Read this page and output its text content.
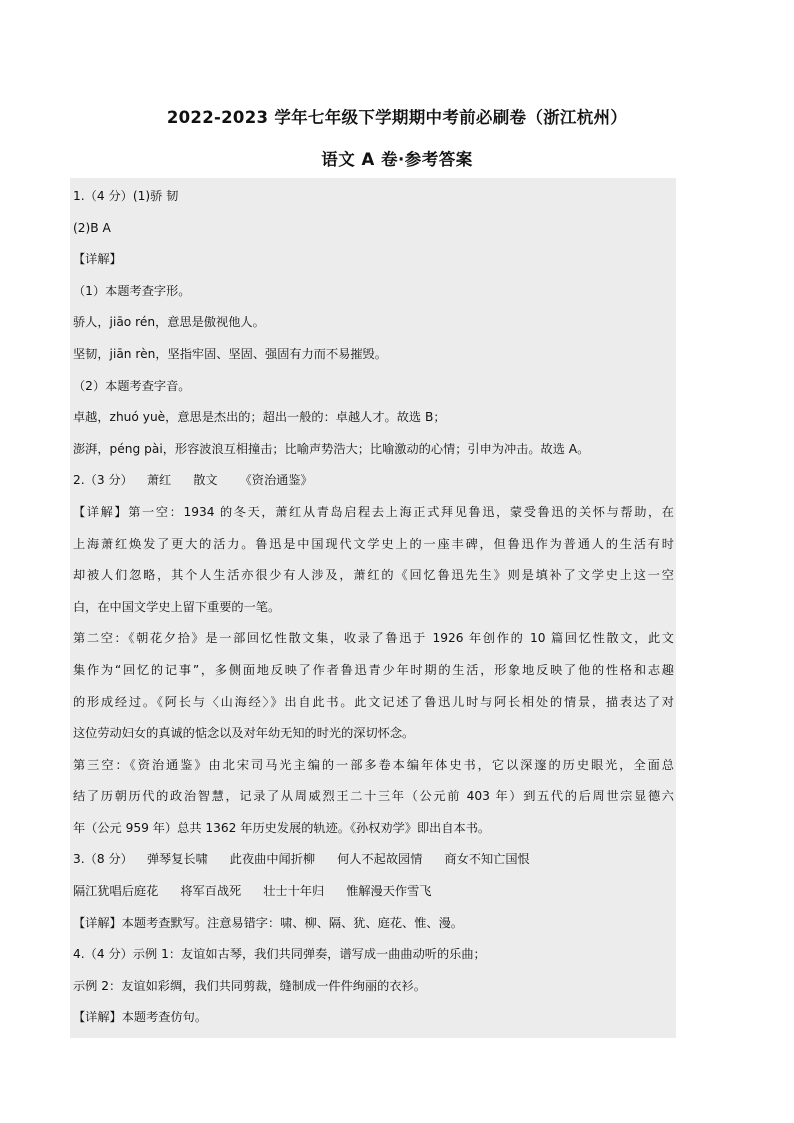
2022-2023 学年七年级下学期期中考前必刷卷（浙江杭州）
语文 A 卷·参考答案
1.（4 分）(1)骄 韧
(2)B A
【详解】
（1）本题考查字形。
骄人，jiāo rén，意思是傲视他人。
坚韧，jiān rèn，坚指牢固、坚固、强固有力而不易摧毁。
（2）本题考查字音。
卓越，zhuó yuè，意思是杰出的；超出一般的：卓越人才。故选 B；
澎湃，péng pài，形容波浪互相撞击；比喻声势浩大；比喻激动的心情；引申为冲击。故选 A。
2.（3 分） 萧红 散文 《资治通鉴》
【详解】第一空：1934 的冬天，萧红从青岛启程去上海正式拜见鲁迅，蒙受鲁迅的关怀与帮助，在
上海萧红焕发了更大的活力。鲁迅是中国现代文学史上的一座丰碑，但鲁迅作为普通人的生活有时
却被人们忽略，其个人生活亦很少有人涉及，萧红的《回忆鲁迅先生》则是填补了文学史上这一空
白，在中国文学史上留下重要的一笔。
第二空：《朝花夕拾》是一部回忆性散文集，收录了鲁迅于 1926 年创作的 10 篇回忆性散文，此文
集作为“回忆的记事”，多侧面地反映了作者鲁迅青少年时期的生活，形象地反映了他的性格和志趣
的形成经过。《阿长与〈山海经〉》出自此书。此文记述了鲁迅儿时与阿长相处的情景，描表达了对
这位劳动妇女的真诚的惦念以及对年幼无知的时光的深切怀念。
第三空：《资治通鉴》由北宋司马光主编的一部多卷本编年体史书，它以深邃的历史眼光，全面总
结了历朝历代的政治智慧，记录了从周威烈王二十三年（公元前 403 年）到五代的后周世宗显德六
年（公元 959 年）总共 1362 年历史发展的轨迹。《孙权劝学》即出自本书。
3.（8 分） 弹琴复长啸 此夜曲中闻折柳 何人不起故园情 商女不知亡国恨
隔江犹唱后庭花 将军百战死 壮士十年归 惟解漫天作雪飞
【详解】本题考查默写。注意易错字：啸、柳、隔、犹、庭花、惟、漫。
4.（4 分）示例 1：友谊如古琴，我们共同弹奏，谱写成一曲曲动听的乐曲；
示例 2：友谊如彩绸，我们共同剪裁，缝制成一件件绚丽的衣衫。
【详解】本题考查仿句。
